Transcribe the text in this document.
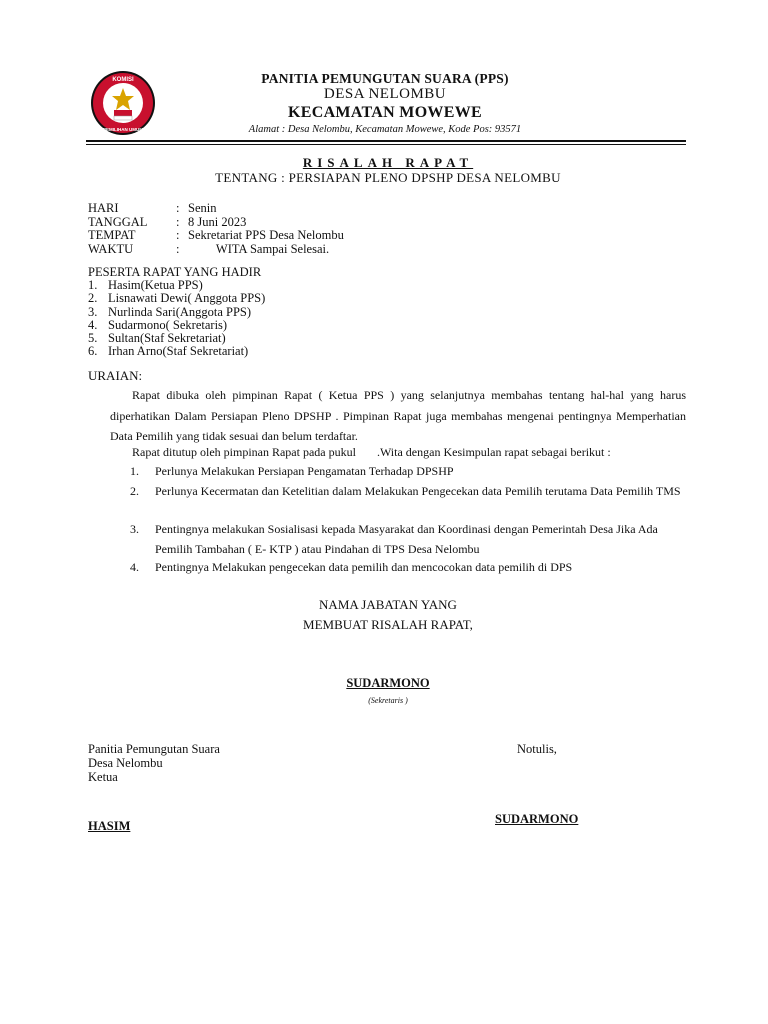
KOMISI
PEMILIHAN UMUM
PANITIA PEMUNGUTAN SUARA (PPS)
DESA NELOMBU
KECAMATAN MOWEWE
Alamat : Desa Nelombu, Kecamatan Mowewe, Kode Pos: 93571
RISALAH RAPAT
TENTANG : PERSIAPAN PLENO DPSHP DESA NELOMBU
HARI	: Senin
TANGGAL	: 8 Juni 2023
TEMPAT	: Sekretariat PPS Desa Nelombu
WAKTU	: WITA Sampai Selesai.
PESERTA RAPAT YANG HADIR
1. Hasim(Ketua PPS)
2. Lisnawati Dewi( Anggota PPS)
3. Nurlinda Sari(Anggota PPS)
4. Sudarmono( Sekretaris)
5. Sultan(Staf Sekretariat)
6. Irhan Arno(Staf Sekretariat)
URAIAN:
Rapat dibuka oleh pimpinan Rapat ( Ketua PPS ) yang selanjutnya membahas tentang hal-hal yang harus diperhatikan Dalam Persiapan Pleno DPSHP . Pimpinan Rapat juga membahas mengenai pentingnya Memperhatian Data Pemilih yang tidak sesuai dan belum terdaftar.
Rapat ditutup oleh pimpinan Rapat pada pukul       .Wita dengan Kesimpulan rapat sebagai berikut :
1.	Perlunya Melakukan Persiapan Pengamatan Terhadap DPSHP
2.	Perlunya Kecermatan dan Ketelitian dalam Melakukan Pengecekan data Pemilih terutama Data Pemilih TMS
3.	Pentingnya melakukan Sosialisasi kepada Masyarakat dan Koordinasi dengan Pemerintah Desa Jika Ada Pemilih Tambahan ( E- KTP ) atau Pindahan di TPS Desa Nelombu
4.	Pentingnya Melakukan pengecekan data pemilih dan mencocokan data pemilih di DPS
NAMA JABATAN YANG
MEMBUAT RISALAH RAPAT,
SUDARMONO
(Sekretaris )
Panitia Pemungutan Suara
Desa Nelombu
Ketua
Notulis,
HASIM	SUDARMONO
